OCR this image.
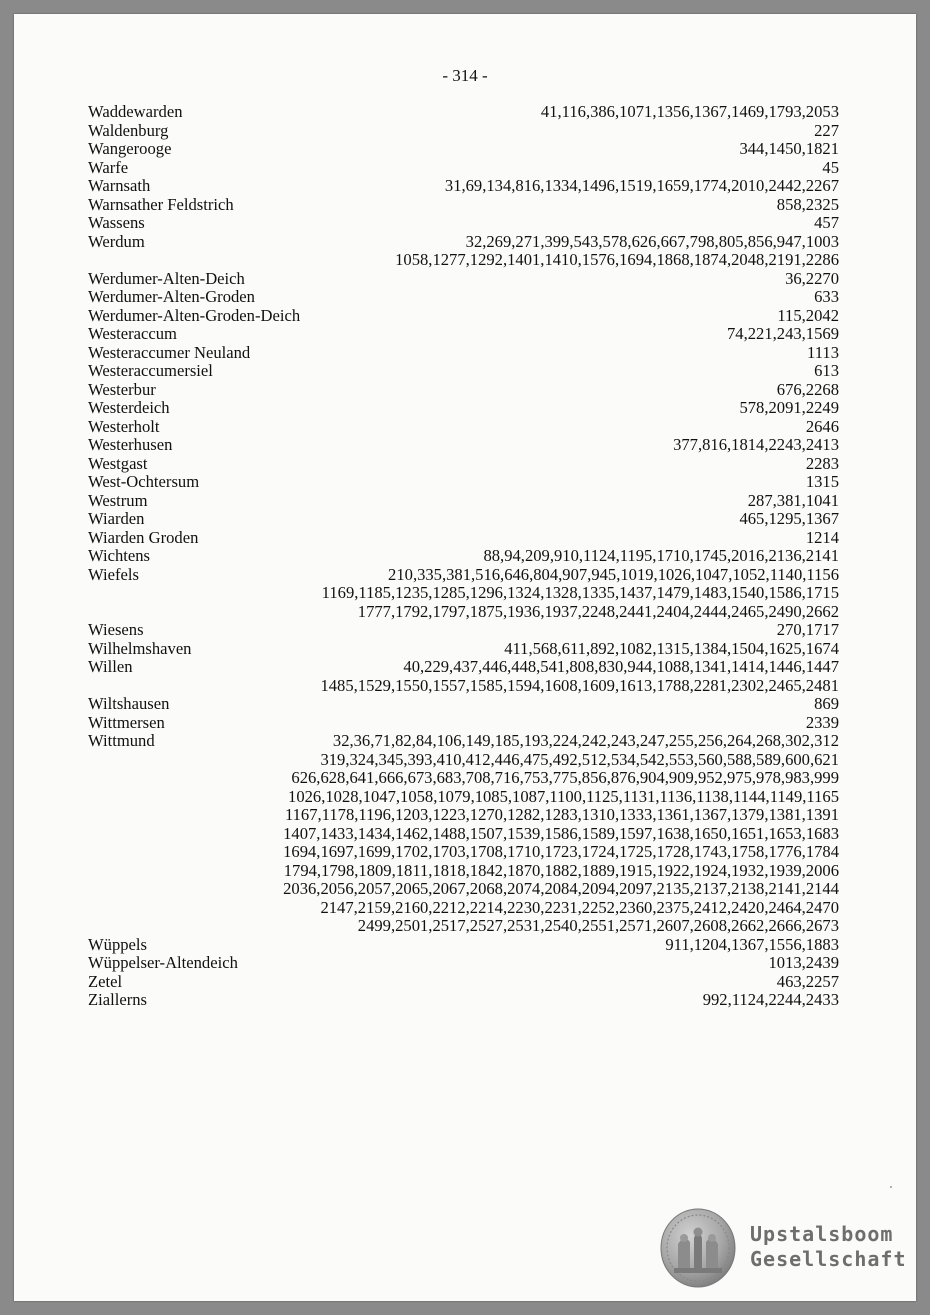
- 314 -
Waddewarden	41,116,386,1071,1356,1367,1469,1793,2053
Waldenburg	227
Wangerooge	344,1450,1821
Warfe	45
Warnsath	31,69,134,816,1334,1496,1519,1659,1774,2010,2442,2267
Warnsather Feldstrich	858,2325
Wassens	457
Werdum	32,269,271,399,543,578,626,667,798,805,856,947,1003
1058,1277,1292,1401,1410,1576,1694,1868,1874,2048,2191,2286
Werdumer-Alten-Deich	36,2270
Werdumer-Alten-Groden	633
Werdumer-Alten-Groden-Deich	115,2042
Westeraccum	74,221,243,1569
Westeraccumer Neuland	1113
Westeraccumersiel	613
Westerbur	676,2268
Westerdeich	578,2091,2249
Westerholt	2646
Westerhusen	377,816,1814,2243,2413
Westgast	2283
West-Ochtersum	1315
Westrum	287,381,1041
Wiarden	465,1295,1367
Wiarden Groden	1214
Wichtens	88,94,209,910,1124,1195,1710,1745,2016,2136,2141
Wiefels	210,335,381,516,646,804,907,945,1019,1026,1047,1052,1140,1156
1169,1185,1235,1285,1296,1324,1328,1335,1437,1479,1483,1540,1586,1715
1777,1792,1797,1875,1936,1937,2248,2441,2404,2444,2465,2490,2662
Wiesens	270,1717
Wilhelmshaven	411,568,611,892,1082,1315,1384,1504,1625,1674
Willen	40,229,437,446,448,541,808,830,944,1088,1341,1414,1446,1447
1485,1529,1550,1557,1585,1594,1608,1609,1613,1788,2281,2302,2465,2481
Wiltshausen	869
Wittmersen	2339
Wittmund	32,36,71,82,84,106,149,185,193,224,242,243,247,255,256,264,268,302,312
319,324,345,393,410,412,446,475,492,512,534,542,553,560,588,589,600,621
626,628,641,666,673,683,708,716,753,775,856,876,904,909,952,975,978,983,999
1026,1028,1047,1058,1079,1085,1087,1100,1125,1131,1136,1138,1144,1149,1165
1167,1178,1196,1203,1223,1270,1282,1283,1310,1333,1361,1367,1379,1381,1391
1407,1433,1434,1462,1488,1507,1539,1586,1589,1597,1638,1650,1651,1653,1683
1694,1697,1699,1702,1703,1708,1710,1723,1724,1725,1728,1743,1758,1776,1784
1794,1798,1809,1811,1818,1842,1870,1882,1889,1915,1922,1924,1932,1939,2006
2036,2056,2057,2065,2067,2068,2074,2084,2094,2097,2135,2137,2138,2141,2144
2147,2159,2160,2212,2214,2230,2231,2252,2360,2375,2412,2420,2464,2470
2499,2501,2517,2527,2531,2540,2551,2571,2607,2608,2662,2666,2673
Wüppels	911,1204,1367,1556,1883
Wüppelser-Altendeich	1013,2439
Zetel	463,2257
Ziallerns	992,1124,2244,2433
Upstalsboom
Gesellschaft
